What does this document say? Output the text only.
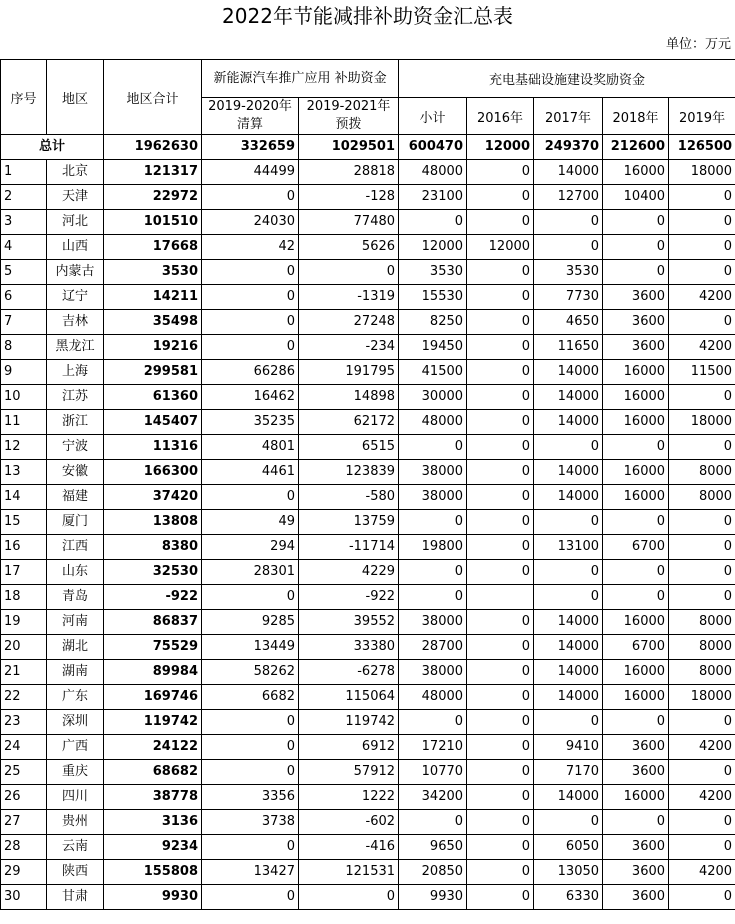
2022年节能减排补助资金汇总表
单位：万元
序号	地区	地区合计	新能源汽车推广应用 补助资金		充电基础设施建设奖励资金				
			2019-2020年清算	2019-2021年预拨	小计	2016年	2017年	2018年	2019年

总计		1962630	332659	1029501	600470	12000	249370	212600	126500
1	北京	121317	44499	28818	48000	0	14000	16000	18000
2	天津	22972	0	-128	23100	0	12700	10400	0
3	河北	101510	24030	77480	0	0	0	0	0
4	山西	17668	42	5626	12000	12000	0	0	0
5	内蒙古	3530	0	0	3530	0	3530	0	0
6	辽宁	14211	0	-1319	15530	0	7730	3600	4200
7	吉林	35498	0	27248	8250	0	4650	3600	0
8	黑龙江	19216	0	-234	19450	0	11650	3600	4200
9	上海	299581	66286	191795	41500	0	14000	16000	11500
10	江苏	61360	16462	14898	30000	0	14000	16000	0
11	浙江	145407	35235	62172	48000	0	14000	16000	18000
12	宁波	11316	4801	6515	0	0	0	0	0
13	安徽	166300	4461	123839	38000	0	14000	16000	8000
14	福建	37420	0	-580	38000	0	14000	16000	8000
15	厦门	13808	49	13759	0	0	0	0	0
16	江西	8380	294	-11714	19800	0	13100	6700	0
17	山东	32530	28301	4229	0	0	0	0	0
18	青岛	-922	0	-922	0		0	0	0
19	河南	86837	9285	39552	38000	0	14000	16000	8000
20	湖北	75529	13449	33380	28700	0	14000	6700	8000
21	湖南	89984	58262	-6278	38000	0	14000	16000	8000
22	广东	169746	6682	115064	48000	0	14000	16000	18000
23	深圳	119742	0	119742	0	0	0	0	0
24	广西	24122	0	6912	17210	0	9410	3600	4200
25	重庆	68682	0	57912	10770	0	7170	3600	0
26	四川	38778	3356	1222	34200	0	14000	16000	4200
27	贵州	3136	3738	-602	0	0	0	0	0
28	云南	9234	0	-416	9650	0	6050	3600	0
29	陕西	155808	13427	121531	20850	0	13050	3600	4200
30	甘肃	9930	0	0	9930	0	6330	3600	0
